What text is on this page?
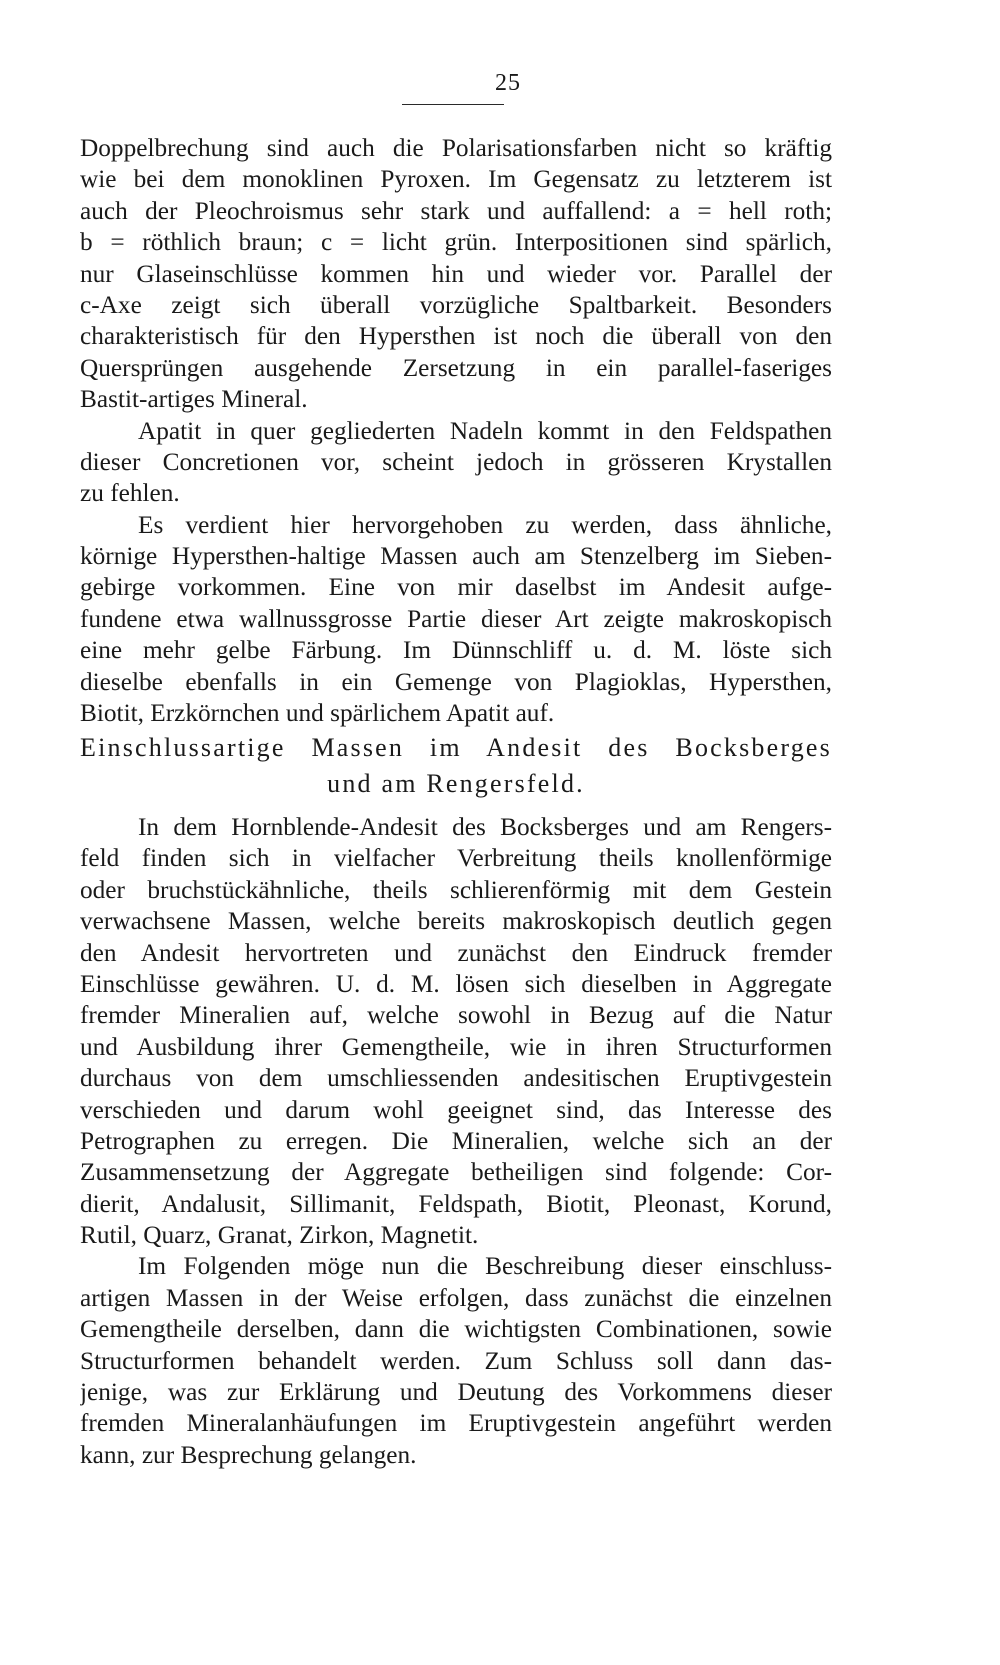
25
Doppelbrechung sind auch die Polarisationsfarben nicht so kräftig
wie bei dem monoklinen Pyroxen. Im Gegensatz zu letzterem ist
auch der Pleochroismus sehr stark und auffallend: a = hell roth;
b = röthlich braun; c = licht grün. Interpositionen sind spärlich,
nur Glaseinschlüsse kommen hin und wieder vor. Parallel der
c-Axe zeigt sich überall vorzügliche Spaltbarkeit. Besonders
charakteristisch für den Hypersthen ist noch die überall von den
Quersprüngen ausgehende Zersetzung in ein parallel-faseriges
Bastit-artiges Mineral.
Apatit in quer gegliederten Nadeln kommt in den Feldspathen
dieser Concretionen vor, scheint jedoch in grösseren Krystallen
zu fehlen.
Es verdient hier hervorgehoben zu werden, dass ähnliche,
körnige Hypersthen-haltige Massen auch am Stenzelberg im Sieben-
gebirge vorkommen. Eine von mir daselbst im Andesit aufge-
fundene etwa wallnussgrosse Partie dieser Art zeigte makroskopisch
eine mehr gelbe Färbung. Im Dünnschliff u. d. M. löste sich
dieselbe ebenfalls in ein Gemenge von Plagioklas, Hypersthen,
Biotit, Erzkörnchen und spärlichem Apatit auf.
Einschlussartige Massen im Andesit des Bocksberges
und am Rengersfeld.
In dem Hornblende-Andesit des Bocksberges und am Rengers-
feld finden sich in vielfacher Verbreitung theils knollenförmige
oder bruchstückähnliche, theils schlierenförmig mit dem Gestein
verwachsene Massen, welche bereits makroskopisch deutlich gegen
den Andesit hervortreten und zunächst den Eindruck fremder
Einschlüsse gewähren. U. d. M. lösen sich dieselben in Aggregate
fremder Mineralien auf, welche sowohl in Bezug auf die Natur
und Ausbildung ihrer Gemengtheile, wie in ihren Structurformen
durchaus von dem umschliessenden andesitischen Eruptivgestein
verschieden und darum wohl geeignet sind, das Interesse des
Petrographen zu erregen. Die Mineralien, welche sich an der
Zusammensetzung der Aggregate betheiligen sind folgende: Cor-
dierit, Andalusit, Sillimanit, Feldspath, Biotit, Pleonast, Korund,
Rutil, Quarz, Granat, Zirkon, Magnetit.
Im Folgenden möge nun die Beschreibung dieser einschluss-
artigen Massen in der Weise erfolgen, dass zunächst die einzelnen
Gemengtheile derselben, dann die wichtigsten Combinationen, sowie
Structurformen behandelt werden. Zum Schluss soll dann das-
jenige, was zur Erklärung und Deutung des Vorkommens dieser
fremden Mineralanhäufungen im Eruptivgestein angeführt werden
kann, zur Besprechung gelangen.
